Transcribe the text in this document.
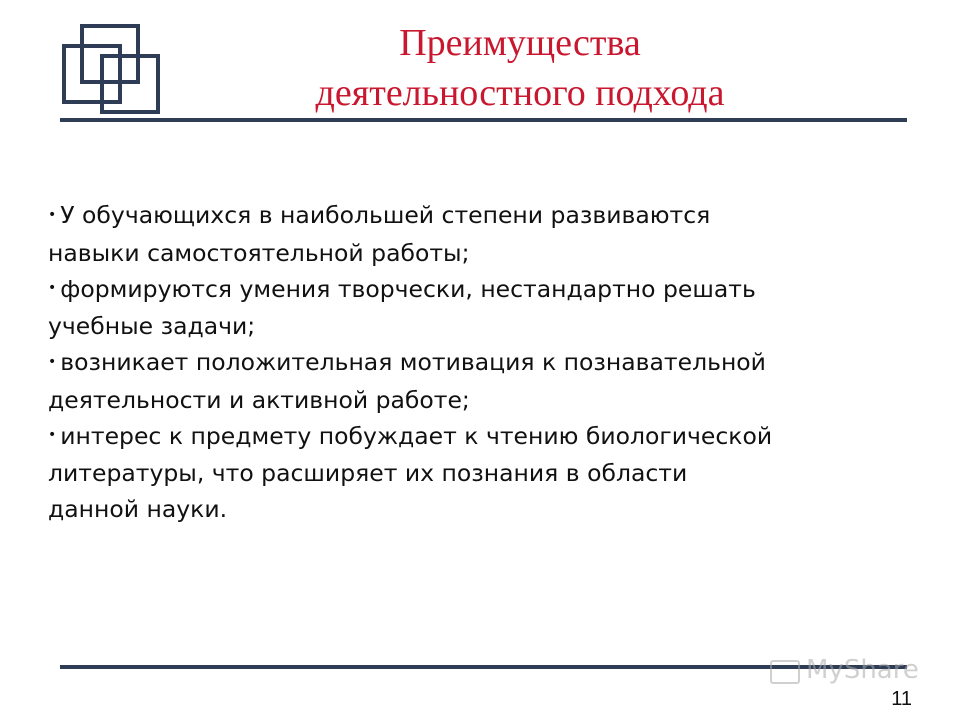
Преимущества
деятельностного подхода
• У обучающихся в наибольшей степени развиваются
навыки самостоятельной работы;
• формируются умения творчески, нестандартно решать
учебные задачи;
• возникает положительная мотивация к познавательной
деятельности и активной работе;
• интерес к предмету побуждает к чтению биологической
литературы, что расширяет их познания в области
данной науки.
MyShare
11
